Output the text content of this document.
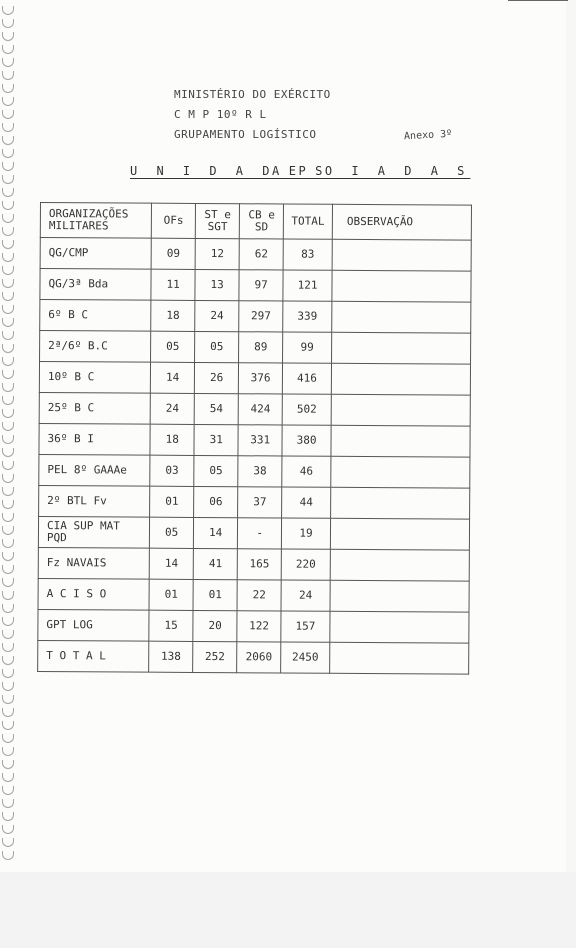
MINISTÉRIO DO EXÉRCITO
C M P 10º R L
GRUPAMENTO LOGÍSTICO	Anexo 3º
U N I D A D E S
A P O I A D A S
ORGANIZAÇÕES MILITARES	OFs	ST e SGT	CB e SD	TOTAL	OBSERVAÇÃO
QG/CMP	09	12	62	83	
QG/3ª Bda	11	13	97	121	
6º B C	18	24	297	339	
2ª/6º B.C	05	05	89	99	
10º B C	14	26	376	416	
25º B C	24	54	424	502	
36º B I	18	31	331	380	
PEL 8º GAAAe	03	05	38	46	
2º BTL Fv	01	06	37	44	
CIA SUP MAT PQD	05	14	-	19	
Fz NAVAIS	14	41	165	220	
A C I S O	01	01	22	24	
GPT LOG	15	20	122	157	
T O T A L	138	252	2060	2450	
